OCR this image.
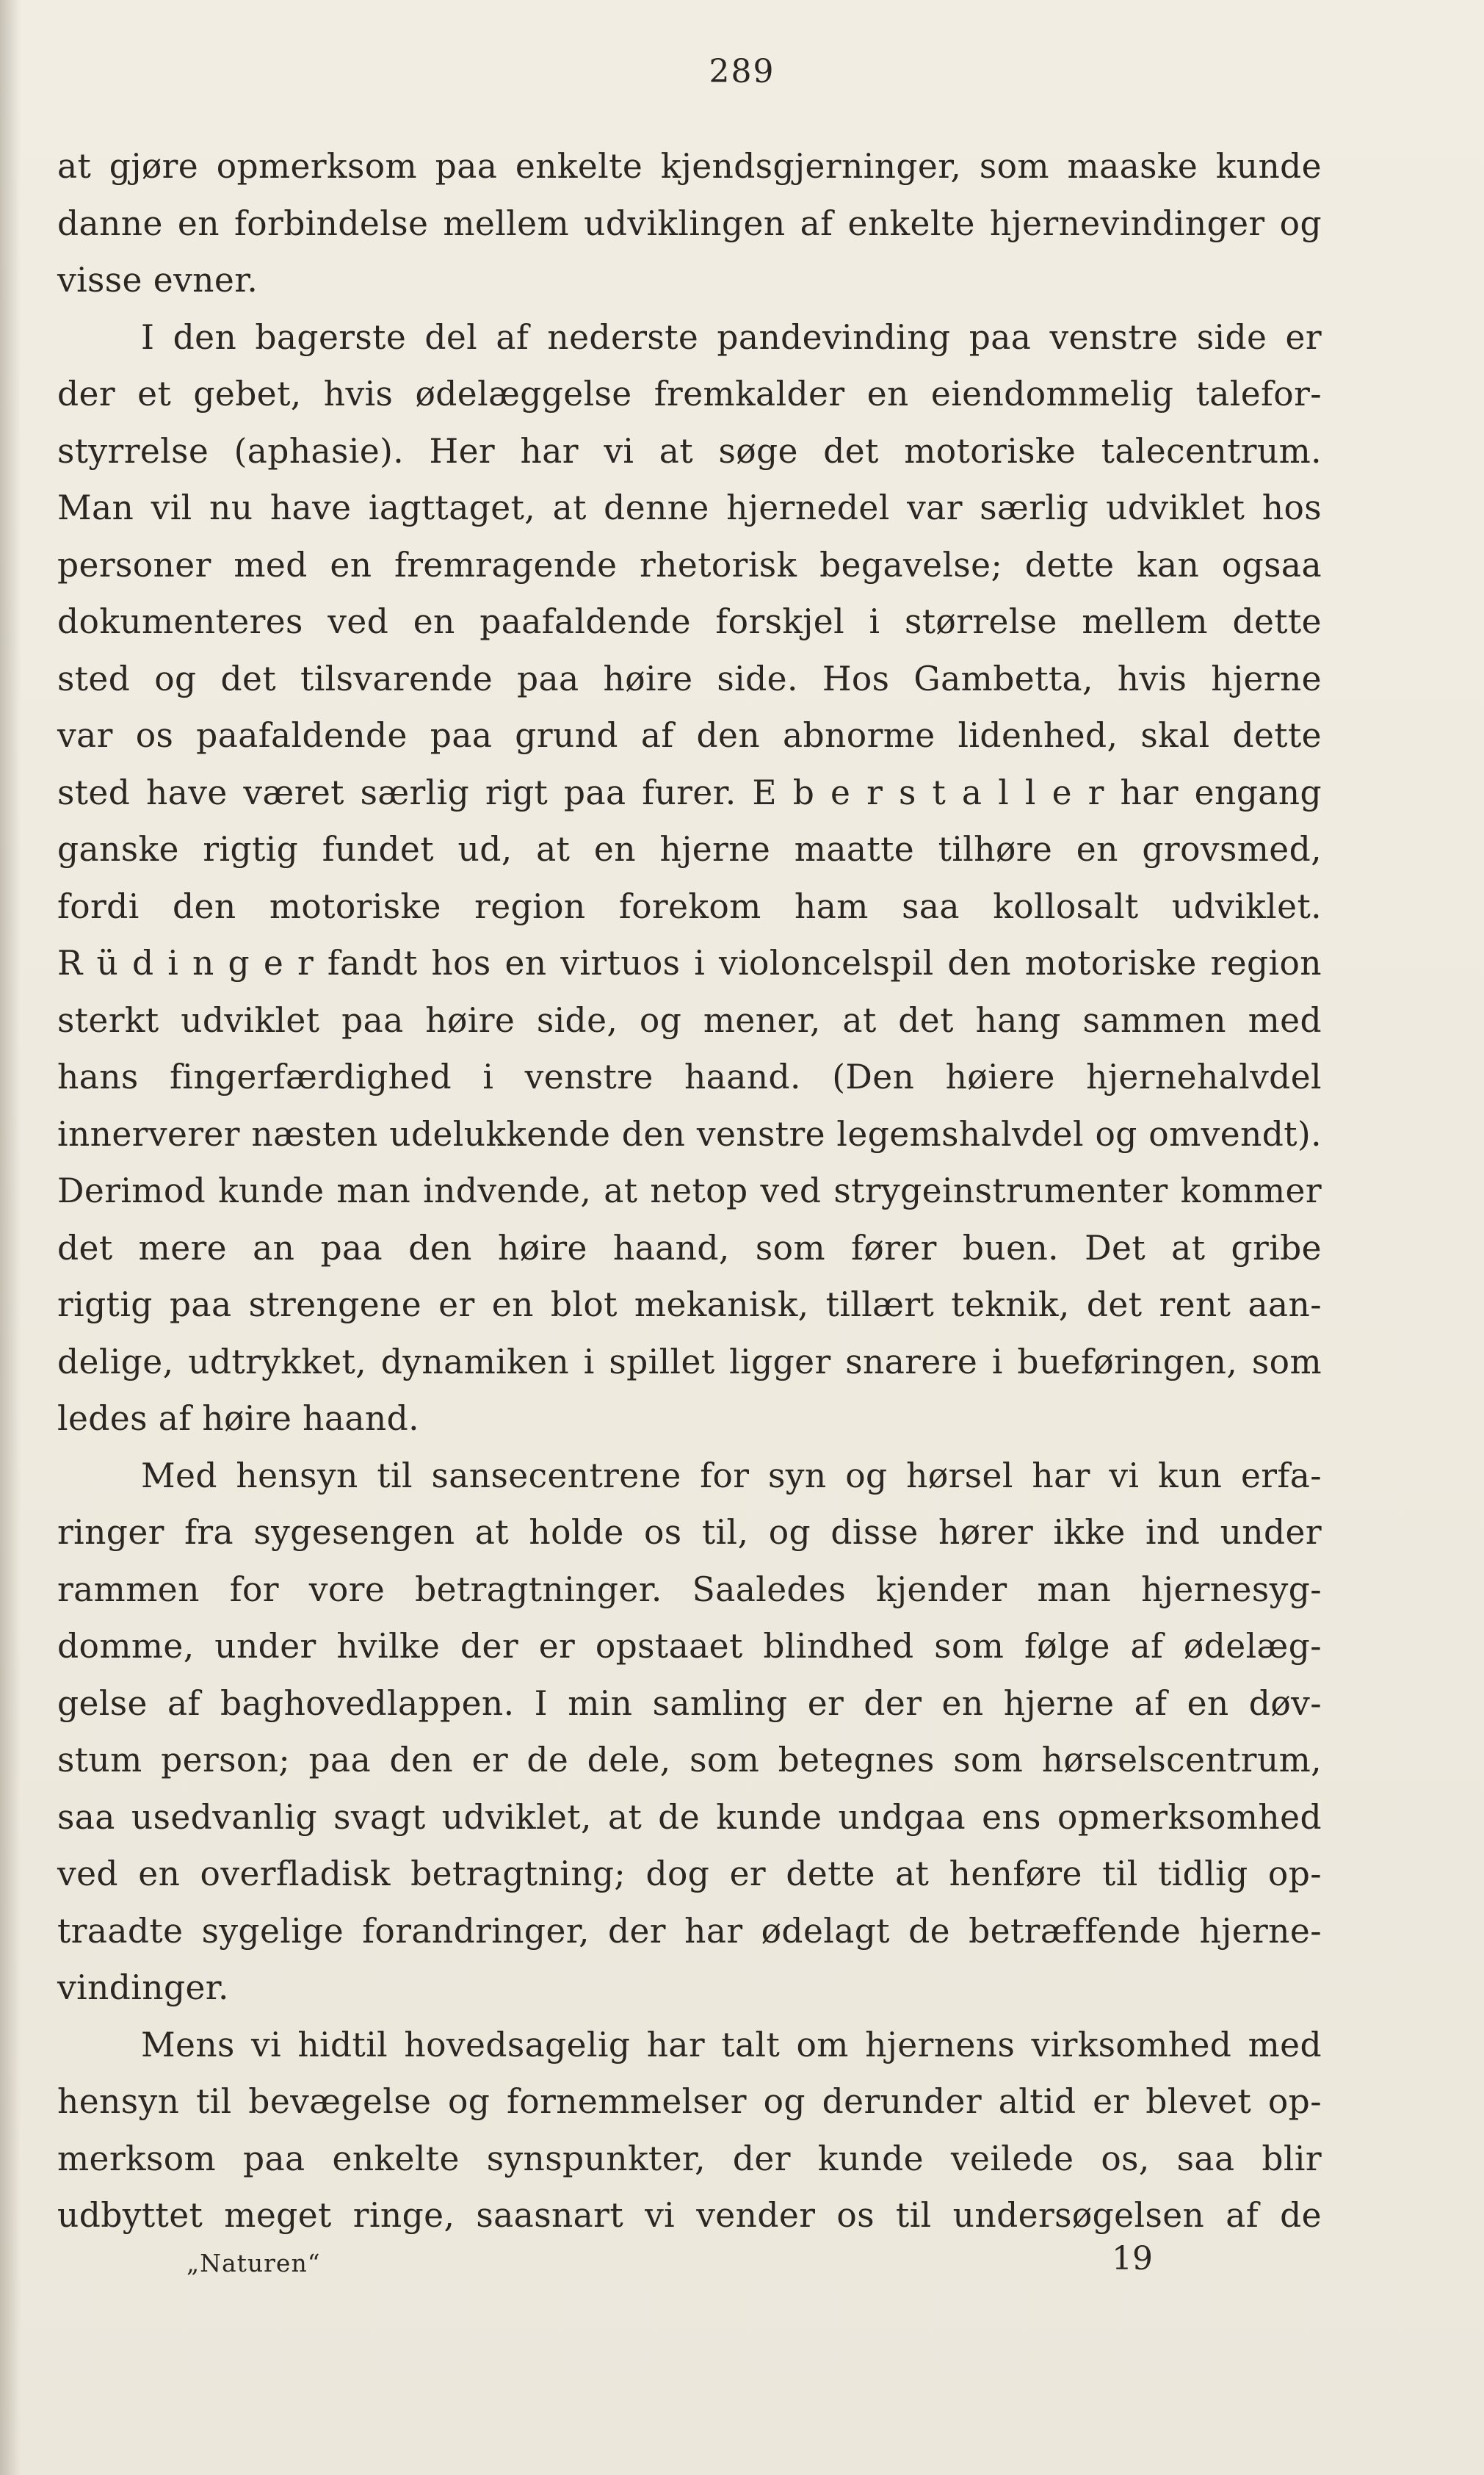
289
at gjøre opmerksom paa enkelte kjendsgjerninger, som maaske kunde
danne en forbindelse mellem udviklingen af enkelte hjernevindinger og
visse evner.
I den bagerste del af nederste pandevinding paa venstre side er
der et gebet, hvis ødelæggelse fremkalder en eiendommelig talefor-
styrrelse (aphasie). Her har vi at søge det motoriske talecentrum.
Man vil nu have iagttaget, at denne hjernedel var særlig udviklet hos
personer med en fremragende rhetorisk begavelse; dette kan ogsaa
dokumenteres ved en paafaldende forskjel i størrelse mellem dette
sted og det tilsvarende paa høire side. Hos Gambetta, hvis hjerne
var os paafaldende paa grund af den abnorme lidenhed, skal dette
sted have været særlig rigt paa furer. E b e r s t a l l e r har engang
ganske rigtig fundet ud, at en hjerne maatte tilhøre en grovsmed,
fordi den motoriske region forekom ham saa kollosalt udviklet.
R ü d i n g e r fandt hos en virtuos i violoncelspil den motoriske region
sterkt udviklet paa høire side, og mener, at det hang sammen med
hans fingerfærdighed i venstre haand. (Den høiere hjernehalvdel
innerverer næsten udelukkende den venstre legemshalvdel og omvendt).
Derimod kunde man indvende, at netop ved strygeinstrumenter kommer
det mere an paa den høire haand, som fører buen. Det at gribe
rigtig paa strengene er en blot mekanisk, tillært teknik, det rent aan-
delige, udtrykket, dynamiken i spillet ligger snarere i bueføringen, som
ledes af høire haand.
Med hensyn til sansecentrene for syn og hørsel har vi kun erfa-
ringer fra sygesengen at holde os til, og disse hører ikke ind under
rammen for vore betragtninger. Saaledes kjender man hjernesyg-
domme, under hvilke der er opstaaet blindhed som følge af ødelæg-
gelse af baghovedlappen. I min samling er der en hjerne af en døv-
stum person; paa den er de dele, som betegnes som hørselscentrum,
saa usedvanlig svagt udviklet, at de kunde undgaa ens opmerksomhed
ved en overfladisk betragtning; dog er dette at henføre til tidlig op-
traadte sygelige forandringer, der har ødelagt de betræffende hjerne-
vindinger.
Mens vi hidtil hovedsagelig har talt om hjernens virksomhed med
hensyn til bevægelse og fornemmelser og derunder altid er blevet op-
merksom paa enkelte synspunkter, der kunde veilede os, saa blir
udbyttet meget ringe, saasnart vi vender os til undersøgelsen af de
„Naturen“	19
